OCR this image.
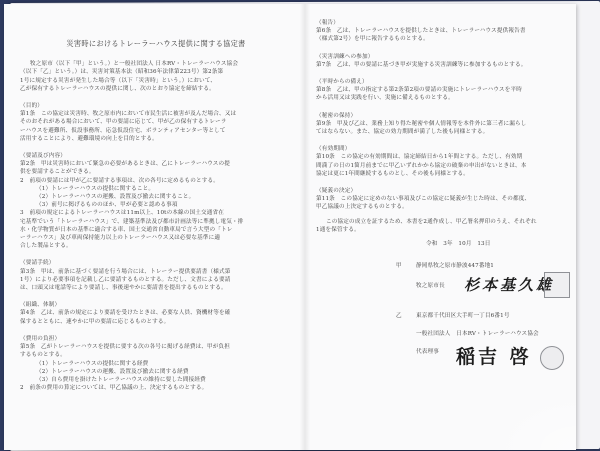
災害時におけるトレーラーハウス提供に関する協定書
牧之原市（以下「甲」という。）と一般社団法人 日本RV・トレーラーハウス協会
（以下「乙」という。）は、災害対策基本法（昭和36年法律第223号）第2条第
1号に規定する災害が発生した場合等（以下「災害時」という。）において、
乙が保有するトレーラーハウスの提供に関し、次のとおり協定を締結する。
（目的）
第1条　この協定は災害時、牧之原市内において市民生活に被害が及んだ場合、又は
そのおそれがある場合において、甲の要請に応じて、甲が乙の保有するトレーラ
ーハウスを避難所、仮設事務所、応急仮設住宅、ボランティアセンター等として
活用することにより、避難環境の向上を目的とする。
（要請及び内容）
第2条　甲は災害時において緊急の必要があるときは、乙にトレーラーハウスの提
供を要請することができる。
2　前項の要請には甲が乙に要請する事項は、次の各号に定めるものとする。
（1）トレーラーハウスの提供に関すること。
（2）トレーラーハウスの運搬、設置及び撤去に関すること。
（3）前号に掲げるもののほか、甲が必要と認める事項
3　前項の規定によるトレーラーハウスは11m以上、10tの本線の国土交通省在
宅基準でいう「トレーラーハウス」で、建築基準法及び都市計画法等に準拠し電気・排
水・化学物質が日本の基準に適合する車、国土交通省自動車局で言う大型の「トレ
ーラーハウス」及び車両保持能力以上のトレーラーハウス又は必要な基準に適
合した製品とする。
（要請手続）
第3条　甲は、前条に基づく要請を行う場合には、トレーラー提供要請書（様式第
1号）により必要事項を記載し乙に要請するものとする。ただし、文書による要請
は、口頭又は電話等により要請し、事後速やかに要請書を提出するものとする。
（組織、体制）
第4条　乙は、前条の規定により要請を受けたときは、必要な人員、資機材等を確
保するとともに、速やかに甲の要請に応じるものとする。
（費用の負担）
第5条　乙がトレーラーハウスを提供に要する次の各号に掲げる経費は、甲が負担
するものとする。
（1）トレーラーハウスの提供に関する経費
（2）トレーラーハウスの運搬、設置及び撤去に関する経費
（3）自ら費用を掛けたトレーラーハウスの維持に要した間接経費
2　前条の費用の算定については、甲乙協議の上、決定するものとする。
（報告）
第6条　乙は、トレーラーハウスを提供したときは、トレーラーハウス提供報告書
（様式第2号）を甲に報告するものとする。
（災害訓練への参加）
第7条　乙は、甲の要請に基づき甲が実施する災害訓練等に参加するものとする。
（平時からの備え）
第8条　乙は、甲の指定する第2条第2項の要請の実施にトレーラーハウスを平時
から活用又は実践を行い、実施に備えるものとする。
（秘密の保持）
第9条　甲及び乙は、業務上知り得た秘密や個人情報等を本件外に第三者に漏らし
てはならない。また、協定の効力期間が満了した後も同様とする。
（有効期間）
第10条　この協定の有効期間は、協定締結日から1年間とする。ただし、有効期
間満了の日の1箇月前までに甲乙いずれかから協定の破棄の申出がないときは、本
協定は更に1年間継続するものとし、その後も同様とする。
（疑義の決定）
第11条　この協定に定めのない事項及びこの協定に疑義が生じた時は、その都度、
甲乙協議の上決定するものとする。
この協定の成立を証するため、本書を2通作成し、甲乙署名押印のうえ、それぞれ
1通を保管する。
令和　3年　10月　13日
甲	静岡県牧之原市静波447番地1
牧之原市長 杉本基久雄
乙	東京都千代田区大手町一丁目6番1号
一般社団法人　日本RV・トレーラーハウス協会
代表理事 稲吉 啓
